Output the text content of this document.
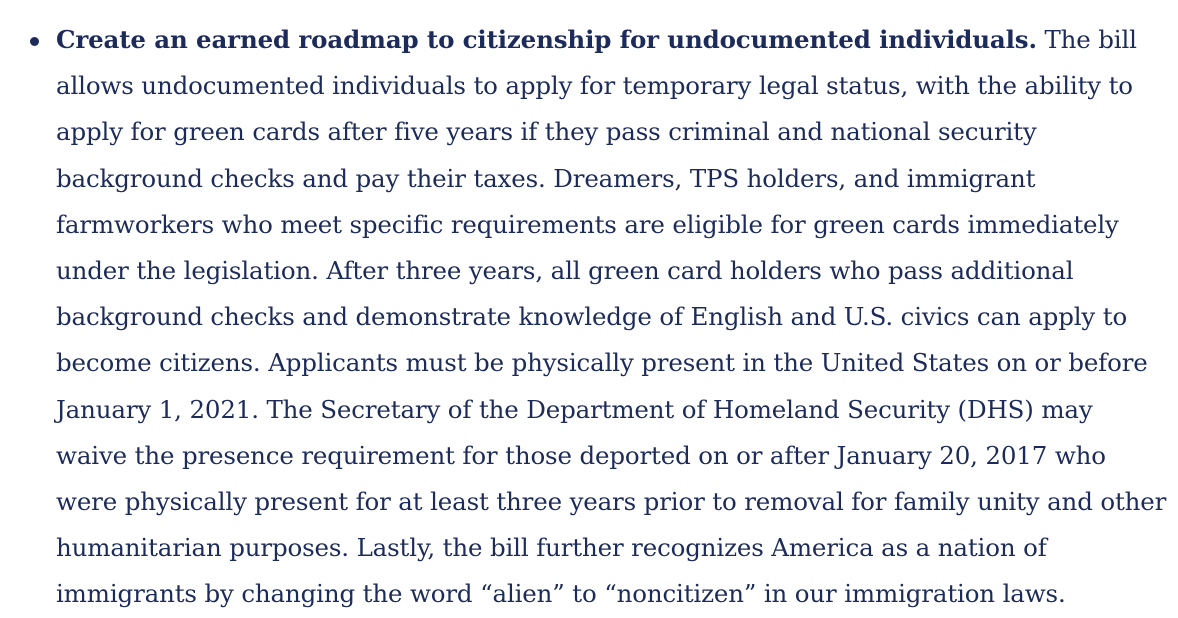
Create an earned roadmap to citizenship for undocumented individuals. The bill allows undocumented individuals to apply for temporary legal status, with the ability to apply for green cards after five years if they pass criminal and national security background checks and pay their taxes. Dreamers, TPS holders, and immigrant farmworkers who meet specific requirements are eligible for green cards immediately under the legislation. After three years, all green card holders who pass additional background checks and demonstrate knowledge of English and U.S. civics can apply to become citizens. Applicants must be physically present in the United States on or before January 1, 2021. The Secretary of the Department of Homeland Security (DHS) may waive the presence requirement for those deported on or after January 20, 2017 who were physically present for at least three years prior to removal for family unity and other humanitarian purposes. Lastly, the bill further recognizes America as a nation of immigrants by changing the word “alien” to “noncitizen” in our immigration laws.
